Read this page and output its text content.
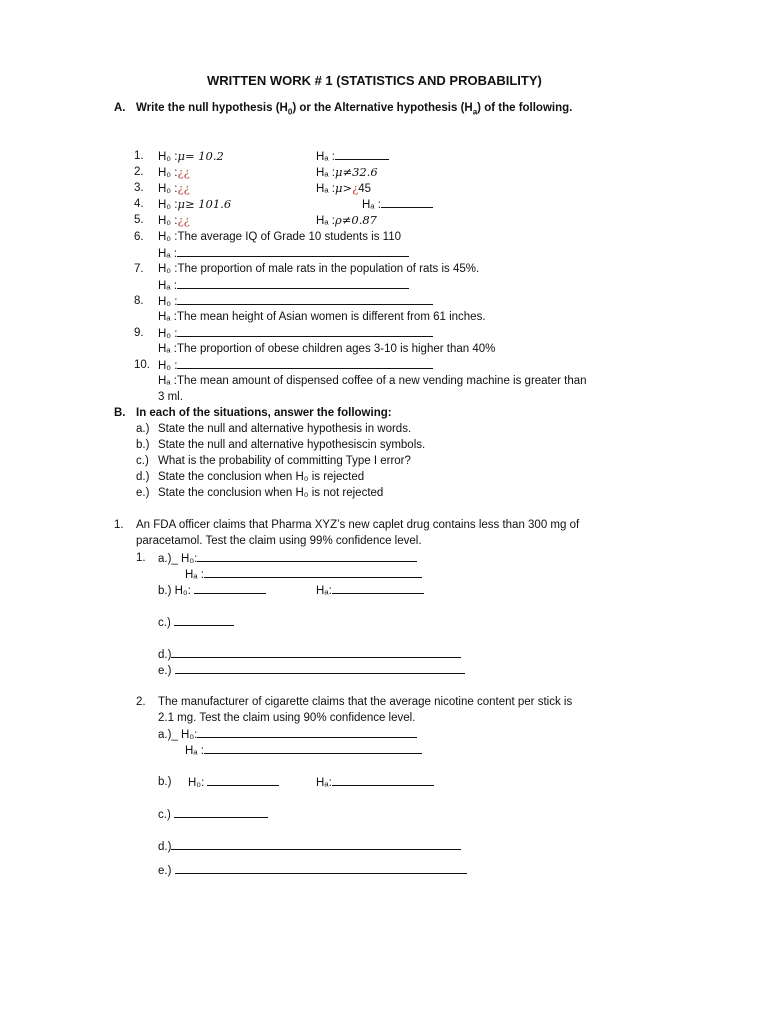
WRITTEN WORK # 1 (STATISTICS AND PROBABILITY)
A. Write the null hypothesis $(H_0)$ or the Alternative hypothesis $(H_a)$ of the following.
1. H₀ :μ= 10.2	Hₐ :
2. H₀ :¿¿	Hₐ :μ≠32.6
3. H₀ :¿¿	Hₐ :μ>¿45
4. H₀ :μ≥ 101.6	Hₐ :
5. H₀ :¿¿	Hₐ :ρ≠0.87
6. H₀ :The average IQ of Grade 10 students is 110
Hₐ :
7. H₀ :The proportion of male rats in the population of rats is 45%.
Hₐ :
8. H₀ :
Hₐ :The mean height of Asian women is different from 61 inches.
9. H₀ :
Hₐ :The proportion of obese children ages 3-10 is higher than 40%
10. H₀ :
Hₐ :The mean amount of dispensed coffee of a new vending machine is greater than
3 ml.
B. In each of the situations, answer the following:
a.) State the null and alternative hypothesis in words.
b.) State the null and alternative hypothesiscin symbols.
c.) What is the probability of committing Type I error?
d.) State the conclusion when H₀ is rejected
e.) State the conclusion when H₀ is not rejected
1. An FDA officer claims that Pharma XYZ’s new caplet drug contains less than 300 mg of
paracetamol. Test the claim using 99% confidence level.
1. a.)_ H₀:
Hₐ :
b.) H₀:	Hₐ:
c.)
d.)
e.)
2. The manufacturer of cigarette claims that the average nicotine content per stick is
2.1 mg. Test the claim using 90% confidence level.
a.)_ H₀:
Hₐ :
b.) H₀:	Hₐ:
c.)
d.)
e.)
